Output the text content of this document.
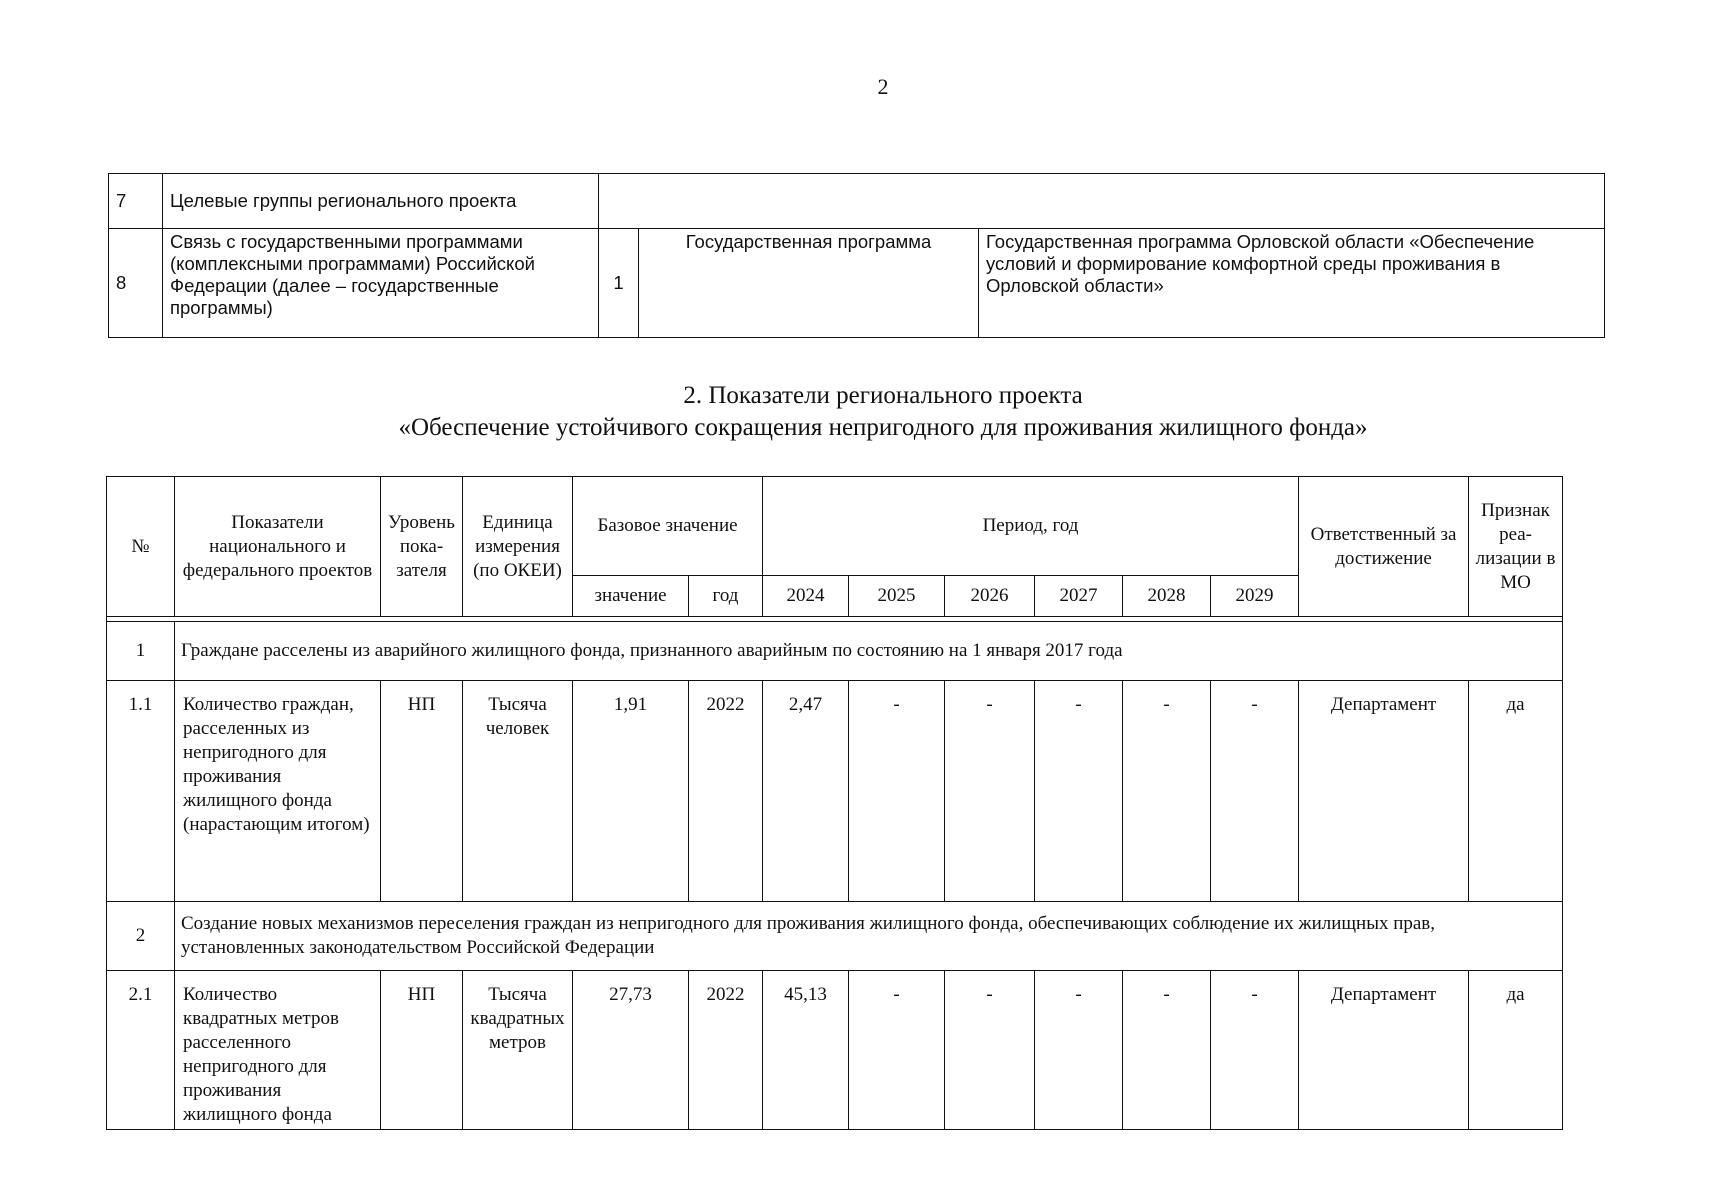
2
7	Целевые группы регионального проекта			
8	Связь с государственными программами (комплексными программами) Российской Федерации (далее – государственные программы)	1	Государственная программа	Государственная программа Орловской области «Обеспечение условий и формирование комфортной среды проживания в Орловской области»
2. Показатели регионального проекта
«Обеспечение устойчивого сокращения непригодного для проживания жилищного фонда»
№	Показатели национального и федерального проектов	Уровень пока-зателя	Единица измерения (по ОКЕИ)	Базовое значение		Период, год						Ответственный за достижение	Признак реа-лизации в МО
				значение	год	2024	2025	2026	2027	2028	2029		

1	Граждане расселены из аварийного жилищного фонда, признанного аварийным по состоянию на 1 января 2017 года												
1.1	Количество граждан, расселенных из непригодного для проживания жилищного фонда (нарастающим итогом)	НП	Тысяча человек	1,91	2022	2,47	-	-	-	-	-	Департамент	да
2	Создание новых механизмов переселения граждан из непригодного для проживания жилищного фонда, обеспечивающих соблюдение их жилищных прав, установленных законодательством Российской Федерации												
2.1	Количество квадратных метров расселенного непригодного для проживания жилищного фонда	НП	Тысяча квадратных метров	27,73	2022	45,13	-	-	-	-	-	Департамент	да
